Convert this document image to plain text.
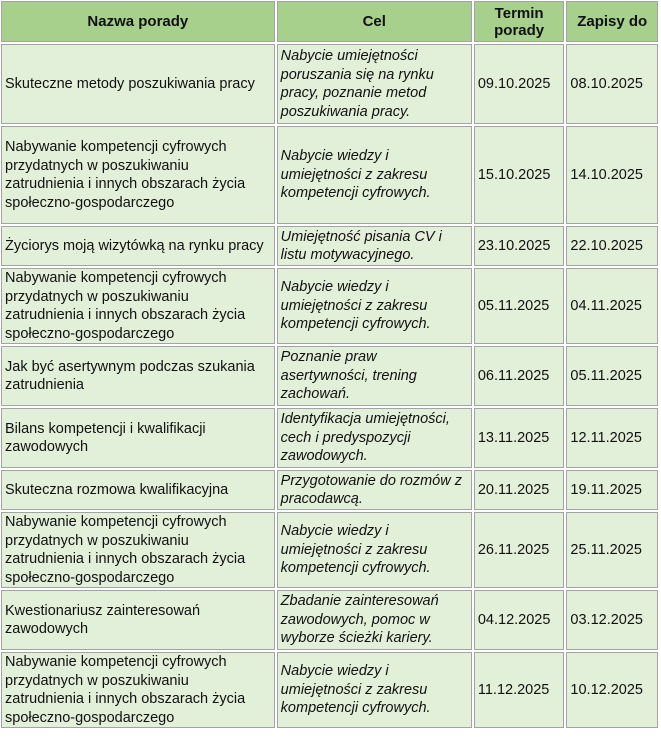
Nazwa porady	Cel	Termin porady	Zapisy do
Skuteczne metody poszukiwania pracy	Nabycie umiejętności poruszania się na rynku pracy, poznanie metod poszukiwania pracy.	09.10.2025	08.10.2025
Nabywanie kompetencji cyfrowych przydatnych w poszukiwaniu zatrudnienia i innych obszarach życia społeczno-gospodarczego	Nabycie wiedzy i umiejętności z zakresu kompetencji cyfrowych.	15.10.2025	14.10.2025
Życiorys moją wizytówką na rynku pracy	Umiejętność pisania CV i listu motywacyjnego.	23.10.2025	22.10.2025
Nabywanie kompetencji cyfrowych przydatnych w poszukiwaniu zatrudnienia i innych obszarach życia społeczno-gospodarczego	Nabycie wiedzy i umiejętności z zakresu kompetencji cyfrowych.	05.11.2025	04.11.2025
Jak być asertywnym podczas szukania zatrudnienia	Poznanie praw asertywności, trening zachowań.	06.11.2025	05.11.2025
Bilans kompetencji i kwalifikacji zawodowych	Identyfikacja umiejętności, cech i predyspozycji zawodowych.	13.11.2025	12.11.2025
Skuteczna rozmowa kwalifikacyjna	Przygotowanie do rozmów z pracodawcą.	20.11.2025	19.11.2025
Nabywanie kompetencji cyfrowych przydatnych w poszukiwaniu zatrudnienia i innych obszarach życia społeczno-gospodarczego	Nabycie wiedzy i umiejętności z zakresu kompetencji cyfrowych.	26.11.2025	25.11.2025
Kwestionariusz zainteresowań zawodowych	Zbadanie zainteresowań zawodowych, pomoc w wyborze ścieżki kariery.	04.12.2025	03.12.2025
Nabywanie kompetencji cyfrowych przydatnych w poszukiwaniu zatrudnienia i innych obszarach życia społeczno-gospodarczego	Nabycie wiedzy i umiejętności z zakresu kompetencji cyfrowych.	11.12.2025	10.12.2025
